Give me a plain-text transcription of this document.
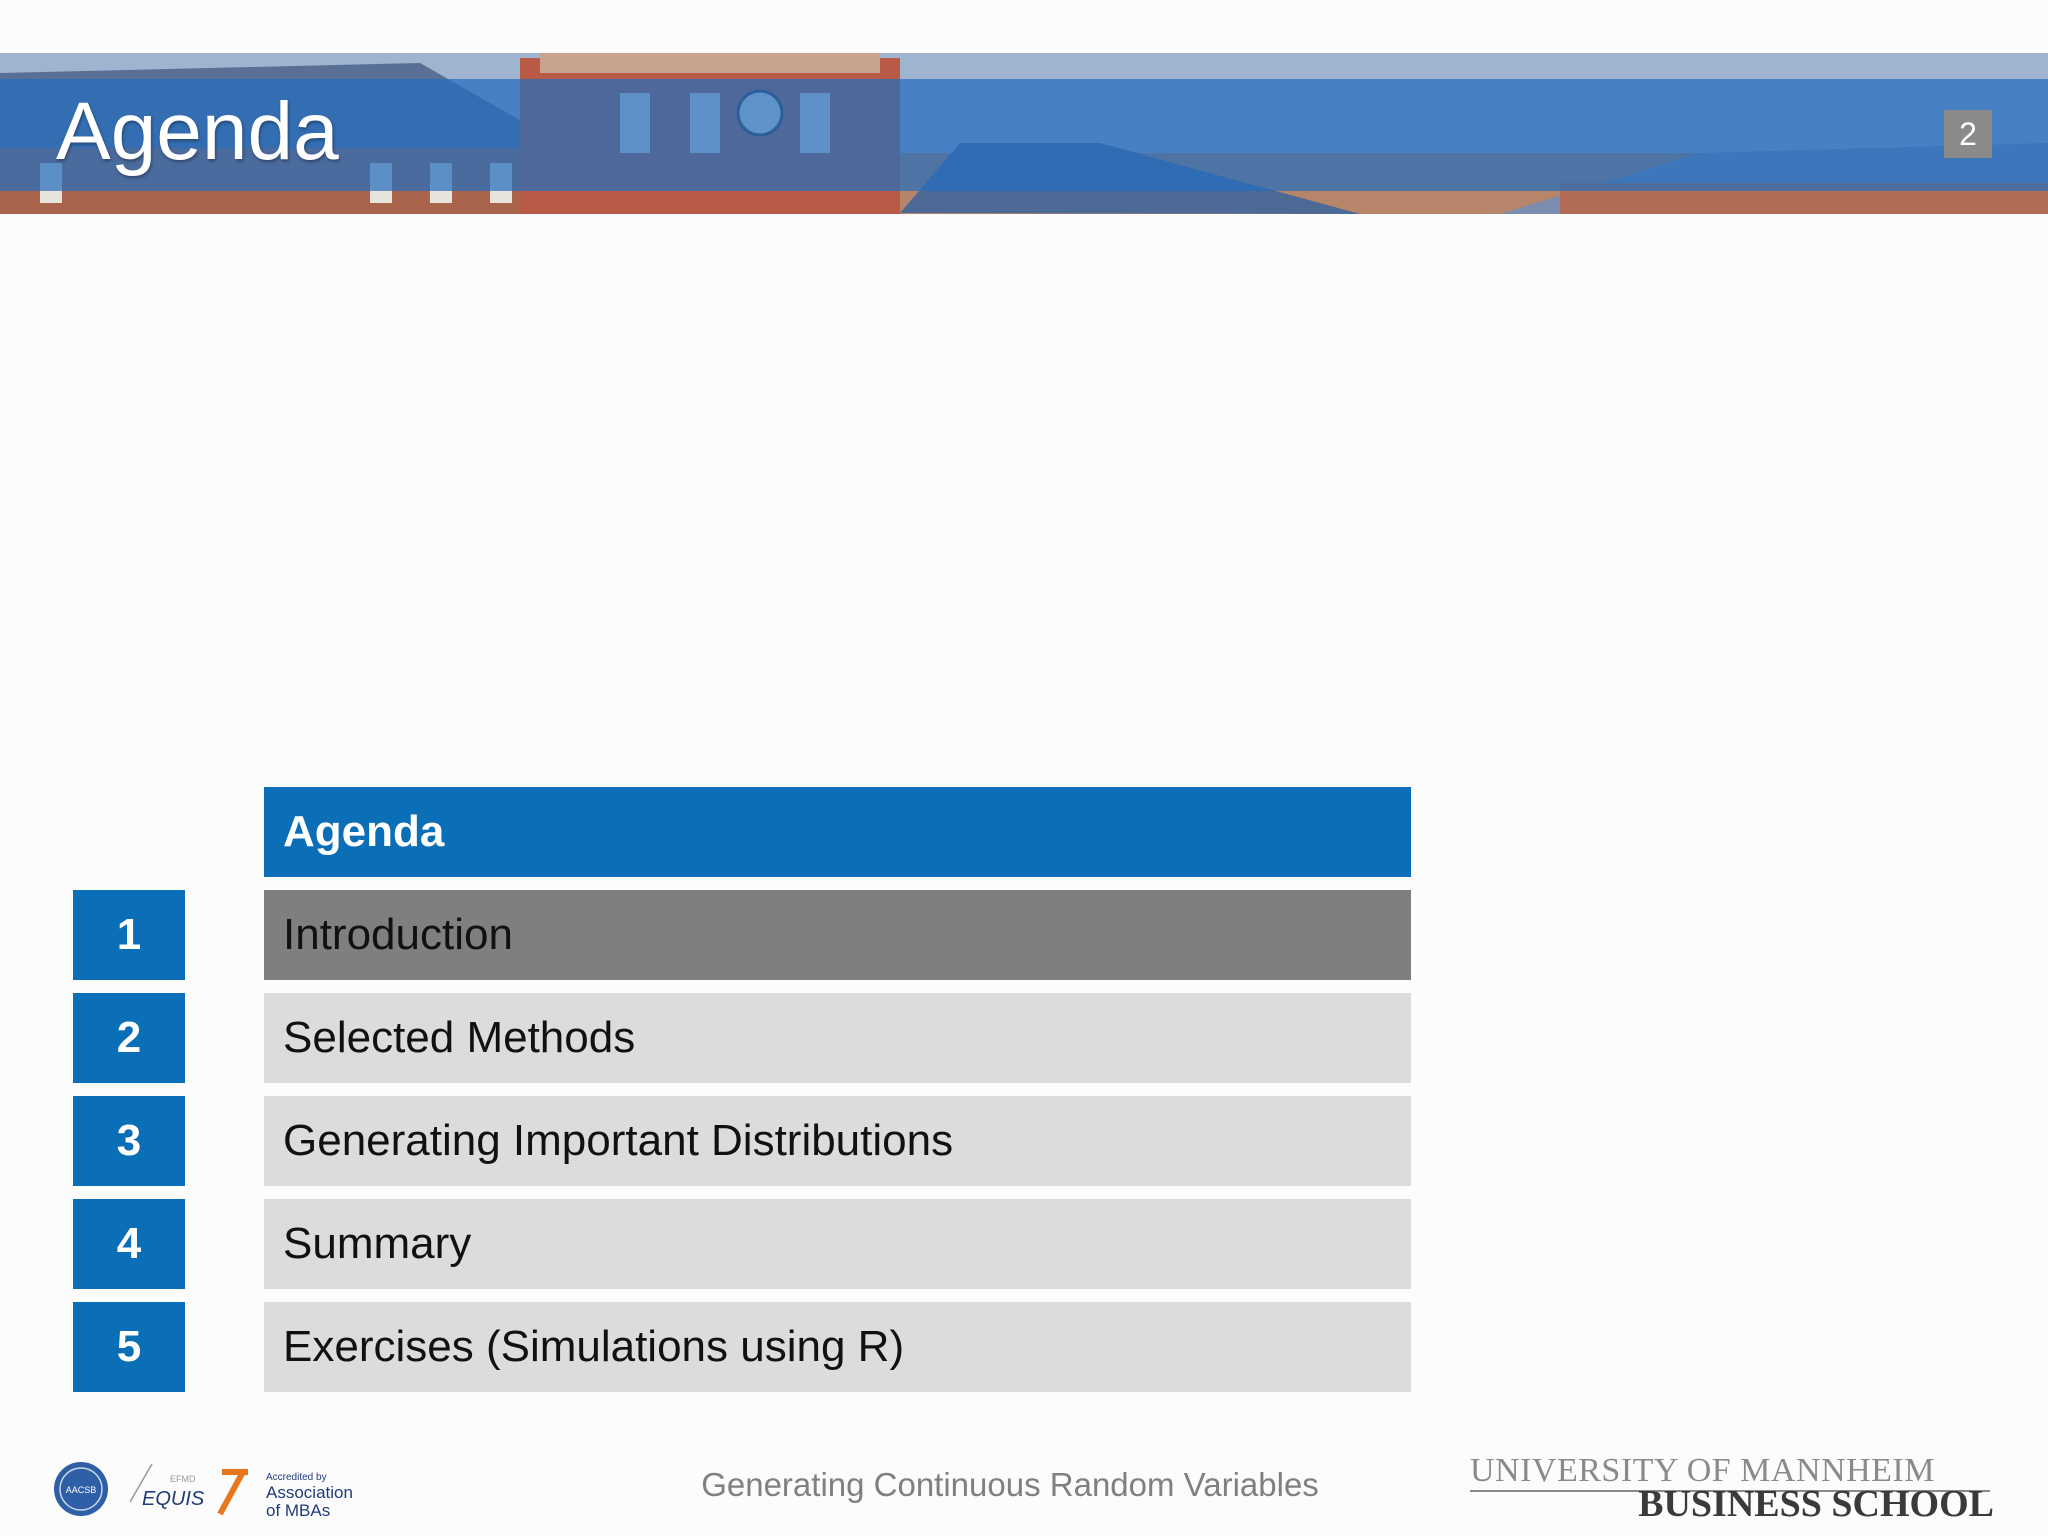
Agenda	2
Agenda
1	Introduction
2	Selected Methods
3	Generating Important Distributions
4	Summary
5	Exercises (Simulations using R)
AACSB
EFMD
EQUIS
Accredited by
Association
of MBAs
Generating Continuous Random Variables	UNIVERSITY OF MANNHEIM
BUSINESS SCHOOL
